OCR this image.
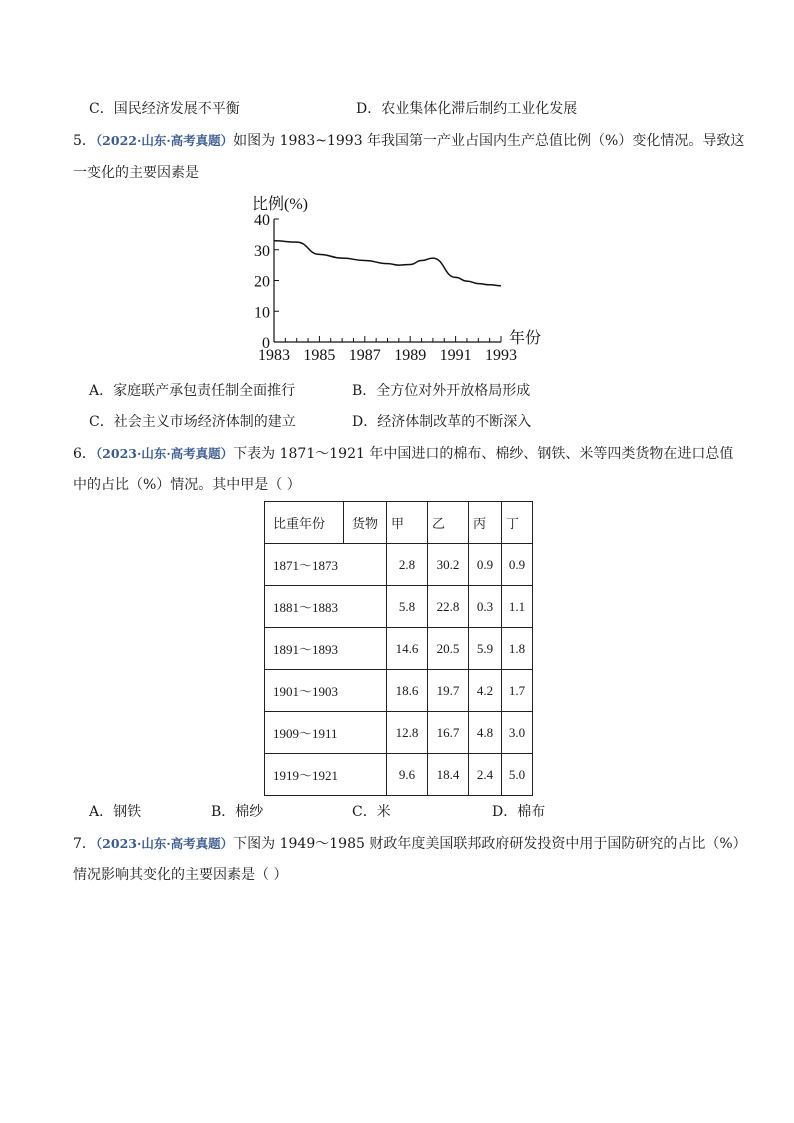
C．国民经济发展不平衡	D．农业集体化滞后制约工业化发展
5．（2022·山东·高考真题）如图为 1983~1993 年我国第一产业占国内生产总值比例（%）变化情况。导致这
一变化的主要因素是
比例(%)
年份
0
10
20
30
40
1983 1985 1987 1989 1991 1993
A．家庭联产承包责任制全面推行	B．全方位对外开放格局形成
C．社会主义市场经济体制的建立	D．经济体制改革的不断深入
6．（2023·山东·高考真题）下表为 1871～1921 年中国进口的棉布、棉纱、钢铁、米等四类货物在进口总值
中的占比（%）情况。其中甲是（ ）
比重年份	货物	甲	乙	丙	丁
1871～1873		2.8	30.2	0.9	0.9
1881～1883		5.8	22.8	0.3	1.1
1891～1893		14.6	20.5	5.9	1.8
1901～1903		18.6	19.7	4.2	1.7
1909～1911		12.8	16.7	4.8	3.0
1919～1921		9.6	18.4	2.4	5.0
A．钢铁	B．棉纱	C．米	D．棉布
7．（2023·山东·高考真题）下图为 1949～1985 财政年度美国联邦政府研发投资中用于国防研究的占比（%）
情况影响其变化的主要因素是（ ）
